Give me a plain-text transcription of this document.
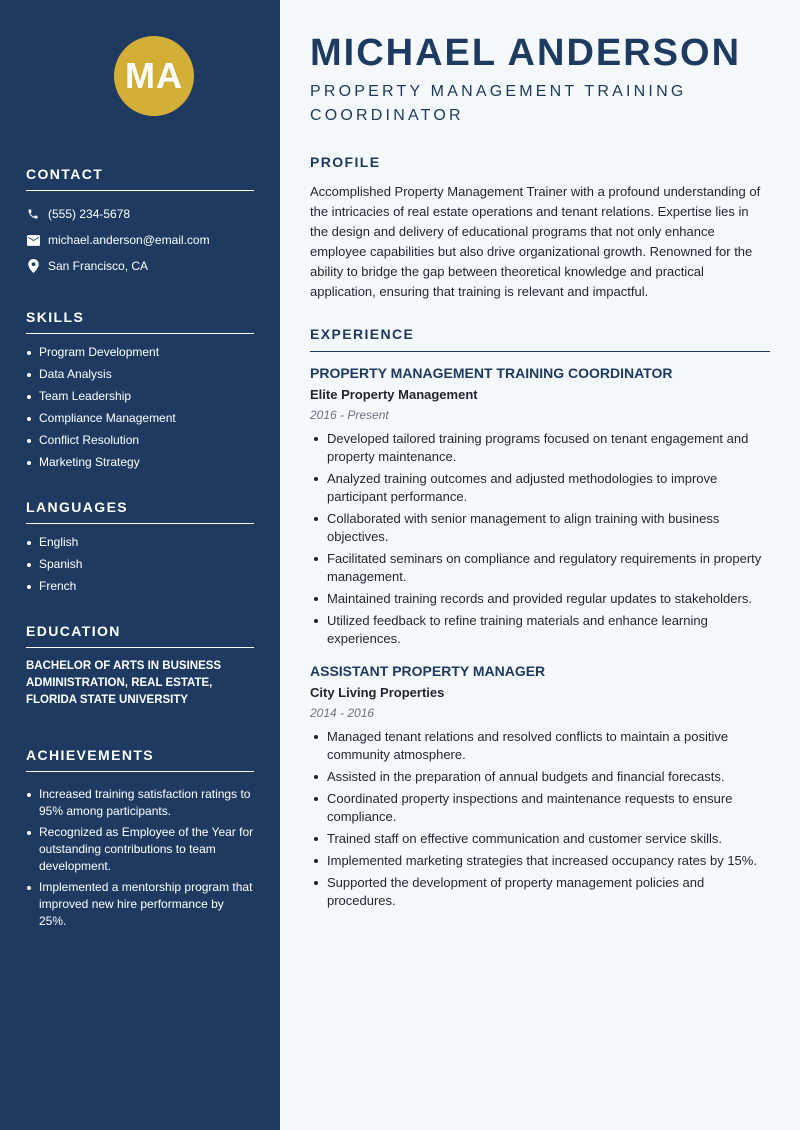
MA
CONTACT
(555) 234-5678
michael.anderson@email.com
San Francisco, CA
SKILLS
Program Development
Data Analysis
Team Leadership
Compliance Management
Conflict Resolution
Marketing Strategy
LANGUAGES
English
Spanish
French
EDUCATION

BACHELOR OF ARTS IN BUSINESS ADMINISTRATION, REAL ESTATE, FLORIDA STATE UNIVERSITY

ACHIEVEMENTS
Increased training satisfaction ratings to 95% among participants.
Recognized as Employee of the Year for outstanding contributions to team development.
Implemented a mentorship program that improved new hire performance by 25%.
MICHAEL ANDERSON
PROPERTY MANAGEMENT TRAINING COORDINATOR
PROFILE

Accomplished Property Management Trainer with a profound understanding of the intricacies of real estate operations and tenant relations. Expertise lies in the design and delivery of educational programs that not only enhance employee capabilities but also drive organizational growth. Renowned for the ability to bridge the gap between theoretical knowledge and practical application, ensuring that training is relevant and impactful.

EXPERIENCE
PROPERTY MANAGEMENT TRAINING COORDINATOR
Elite Property Management
2016 - Present
Developed tailored training programs focused on tenant engagement and property maintenance.
Analyzed training outcomes and adjusted methodologies to improve participant performance.
Collaborated with senior management to align training with business objectives.
Facilitated seminars on compliance and regulatory requirements in property management.
Maintained training records and provided regular updates to stakeholders.
Utilized feedback to refine training materials and enhance learning experiences.
ASSISTANT PROPERTY MANAGER
City Living Properties
2014 - 2016
Managed tenant relations and resolved conflicts to maintain a positive community atmosphere.
Assisted in the preparation of annual budgets and financial forecasts.
Coordinated property inspections and maintenance requests to ensure compliance.
Trained staff on effective communication and customer service skills.
Implemented marketing strategies that increased occupancy rates by 15%.
Supported the development of property management policies and procedures.
